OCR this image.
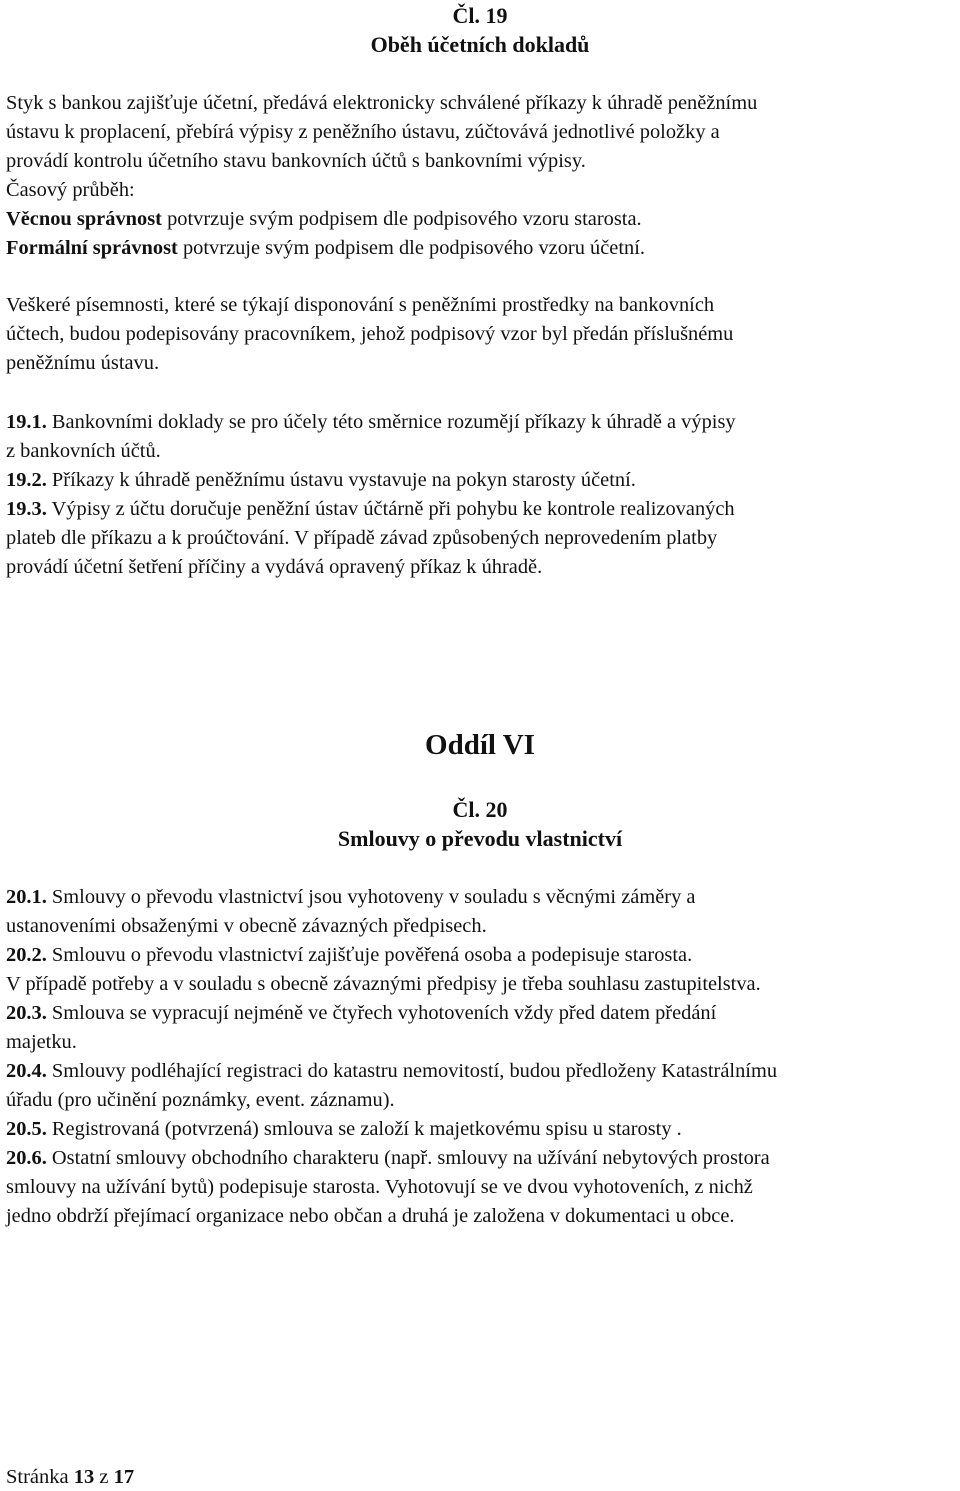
Čl. 19
Oběh účetních dokladů
Styk s bankou zajišťuje účetní, předává elektronicky schválené příkazy k úhradě peněžnímu
ústavu k proplacení, přebírá výpisy z peněžního ústavu, zúčtovává jednotlivé položky a
provádí kontrolu účetního stavu bankovních účtů s bankovními výpisy.
Časový průběh:
Věcnou správnost potvrzuje svým podpisem dle podpisového vzoru starosta.
Formální správnost potvrzuje svým podpisem dle podpisového vzoru účetní.
Veškeré písemnosti, které se týkají disponování s peněžními prostředky na bankovních
účtech, budou podepisovány pracovníkem, jehož podpisový vzor byl předán příslušnému
peněžnímu ústavu.
19.1. Bankovními doklady se pro účely této směrnice rozumějí příkazy k úhradě a výpisy
z bankovních účtů.
19.2. Příkazy k úhradě peněžnímu ústavu vystavuje na pokyn starosty účetní.
19.3. Výpisy z účtu doručuje peněžní ústav účtárně při pohybu ke kontrole realizovaných
plateb dle příkazu a k proúčtování. V případě závad způsobených neprovedením platby
provádí účetní šetření příčiny a vydává opravený příkaz k úhradě.
Oddíl VI
Čl. 20
Smlouvy o převodu vlastnictví
20.1. Smlouvy o převodu vlastnictví jsou vyhotoveny v souladu s věcnými záměry a
ustanoveními obsaženými v obecně závazných předpisech.
20.2. Smlouvu o převodu vlastnictví zajišťuje pověřená osoba a podepisuje starosta.
V případě potřeby a v souladu s obecně závaznými předpisy je třeba souhlasu zastupitelstva.
20.3. Smlouva se vypracují nejméně ve čtyřech vyhotoveních vždy před datem předání
majetku.
20.4. Smlouvy podléhající registraci do katastru nemovitostí, budou předloženy Katastrálnímu
úřadu (pro učinění poznámky, event. záznamu).
20.5. Registrovaná (potvrzená) smlouva se založí k majetkovému spisu u starosty .
20.6. Ostatní smlouvy obchodního charakteru (např. smlouvy na užívání nebytových prostora
smlouvy na užívání bytů) podepisuje starosta. Vyhotovují se ve dvou vyhotoveních, z nichž
jedno obdrží přejímací organizace nebo občan a druhá je založena v dokumentaci u obce.
Stránka 13 z 17
